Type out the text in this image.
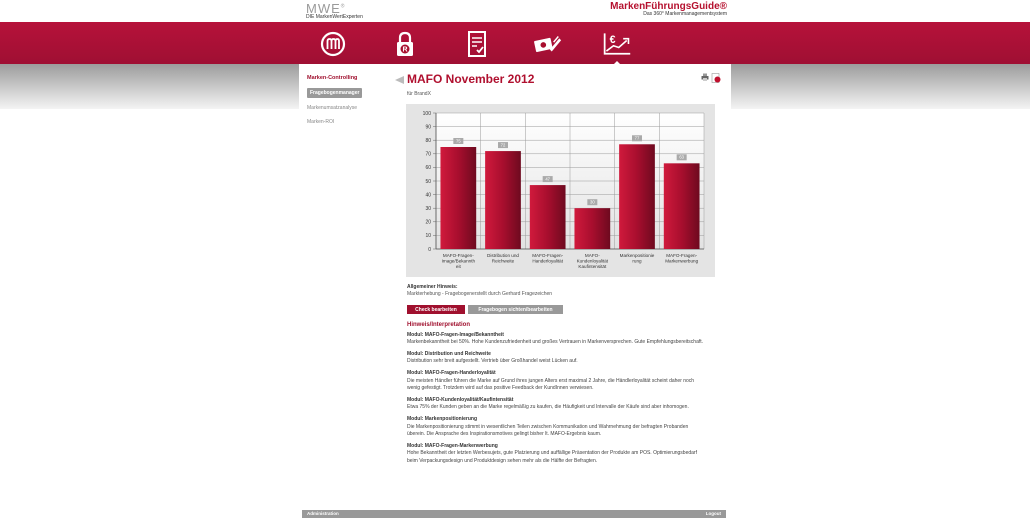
MWE®
DIE MarkenWertExperten
MarkenFührungsGuide®
Das 360° Markenmanagementsystem
R
€
Marken-Controlling
Fragebogenmanager
Markenumsatzanalyse
Marken-ROI
MAFO November 2012
für BrandX
0
10
20
30
40
50
60
70
80
90
100
75
MAFO-Fragen-
Image/Bekannth
eit
72
Distribution und
Reichweite
47
MAFO-Fragen-
Handerloyalität
30
MAFO-
Kundenloyalität
Kaufintensität
77
Markenpositionie
rung
63
MAFO-Fragen-
Markenwerbung
Allgemeiner Hinweis:
Markterhebung - Fragebogenerstellt durch Gerhard Fragezeichen
Check bearbeiten	Fragebogen sichten/bearbeiten
Hinweis/Interpretation
Modul: MAFO-Fragen-Image/Bekanntheit
Markenbekanntheit bei 50%. Hohe Kundenzufriedenheit und großes Vertrauen in Markenversprechen. Gute Empfehlungsbereitschaft.
Modul: Distribution und Reichweite
Distribution sehr breit aufgestellt. Vertrieb über Großhandel weist Lücken auf.
Modul: MAFO-Fragen-Handerloyalität
Die meisten Händler führen die Marke auf Grund ihres jungen Alters erst maximal 2 Jahre, die Händlerloyalität scheint daher noch wenig gefestigt. Trotzdem wird auf das positive Feedback der KundInnen verwiesen.
Modul: MAFO-Kundenloyalität/Kaufintensität
Etwa 75% der Kunden geben an die Marke regelmäßig zu kaufen, die Häufigkeit und Intervalle der Käufe sind aber inhomogen.
Modul: Markenpositionierung
Die Markenpositionierung stimmt in wesentlichen Teilen zwischen Kommunikation und Wahrnehmung der befragten Probanden überein. Die Ansprache des Inspirationsmotives gelingt bisher lt. MAFO-Ergebnis kaum.
Modul: MAFO-Fragen-Markenwerbung
Hohe Bekanntheit der letzten Werbesujets, gute Platzierung und auffällige Präsentation der Produkte am POS. Optimierungsbedarf beim Verpackungsdesign und Produktdesign sehen mehr als die Hälfte der Befragten.
Administration	Logout
